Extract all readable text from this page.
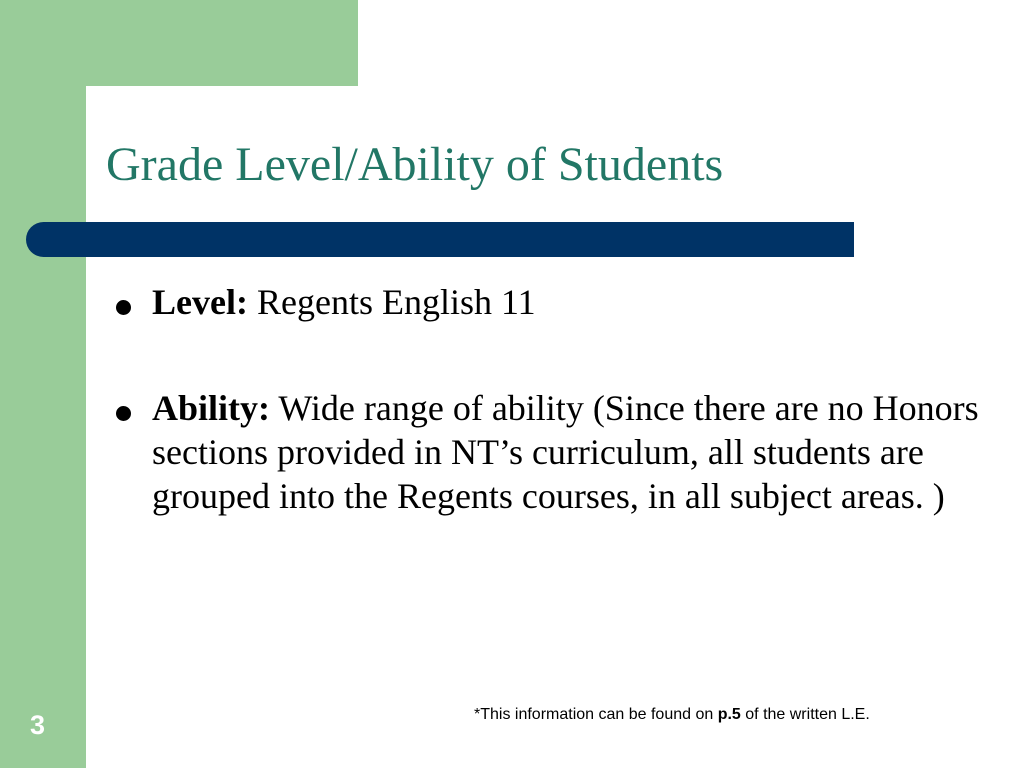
Grade Level/Ability of Students
Level: Regents English 11
Ability: Wide range of ability (Since there are no Honors sections provided in NT’s curriculum, all students are grouped into the Regents courses, in all subject areas. )
3	*This information can be found on p.5 of the written L.E.
